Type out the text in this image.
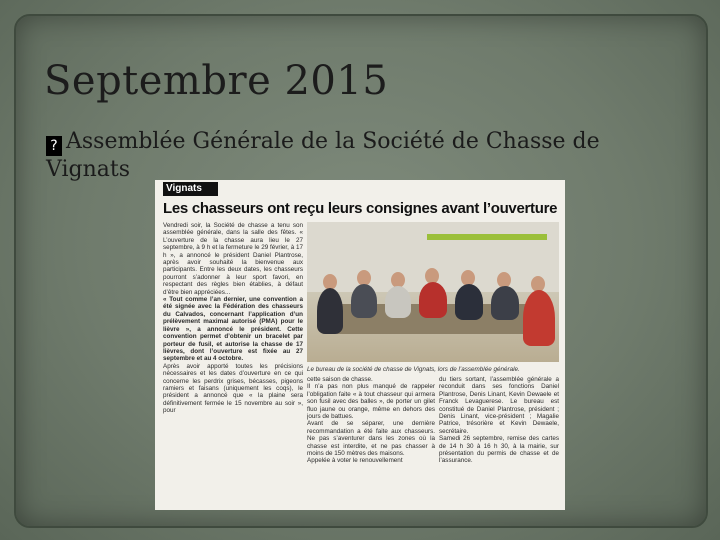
Septembre 2015
? Assemblée Générale de la Société de Chasse de Vignats
Vignats
Les chasseurs ont reçu leurs consignes avant l’ouverture

Vendredi soir, la Société de chasse a tenu son assemblée générale, dans la salle des fêtes. « L’ouverture de la chasse aura lieu le 27 septembre, à 9 h et la fermeture le 29 février, à 17 h », a annoncé le président Daniel Plantrose, après avoir souhaité la bienvenue aux participants. Entre les deux dates, les chasseurs pourront s’adonner à leur sport favori, en respectant des règles bien établies, à défaut d’être bien appréciées...

« Tout comme l’an dernier, une convention a été signée avec la Fédération des chasseurs du Calvados, concernant l’application d’un prélèvement maximal autorisé (PMA) pour le lièvre », a annoncé le président. Cette convention permet d’obtenir un bracelet par porteur de fusil, et autorise la chasse de 17 lièvres, dont l’ouverture est fixée au 27 septembre et au 4 octobre.

Après avoir apporté toutes les précisions nécessaires et les dates d’ouverture en ce qui concerne les perdrix grises, bécasses, pigeons ramiers et faisans (uniquement les coqs), le président a annoncé que « la plaine sera définitivement fermée le 15 novembre au soir », pour

Le bureau de la société de chasse de Vignats, lors de l’assemblée générale.

cette saison de chasse.

Il n’a pas non plus manqué de rappeler l’obligation faite « à tout chasseur qui armera son fusil avec des balles », de porter un gilet fluo jaune ou orange, même en dehors des jours de battues.

Avant de se séparer, une dernière recommandation a été faite aux chasseurs. Ne pas s’aventurer dans les zones où la chasse est interdite, et ne pas chasser à moins de 150 mètres des maisons.

Appelée à voter le renouvellement

du tiers sortant, l’assemblée générale a reconduit dans ses fonctions Daniel Plantrose, Denis Linant, Kevin Dewaele et Franck Levaguerese. Le bureau est constitué de Daniel Plantrose, président ; Denis Linant, vice-président ; Magalie Patrice, trésorière et Kevin Dewaele, secrétaire.

Samedi 26 septembre, remise des cartes de 14 h 30 à 16 h 30, à la mairie, sur présentation du permis de chasse et de l’assurance.
